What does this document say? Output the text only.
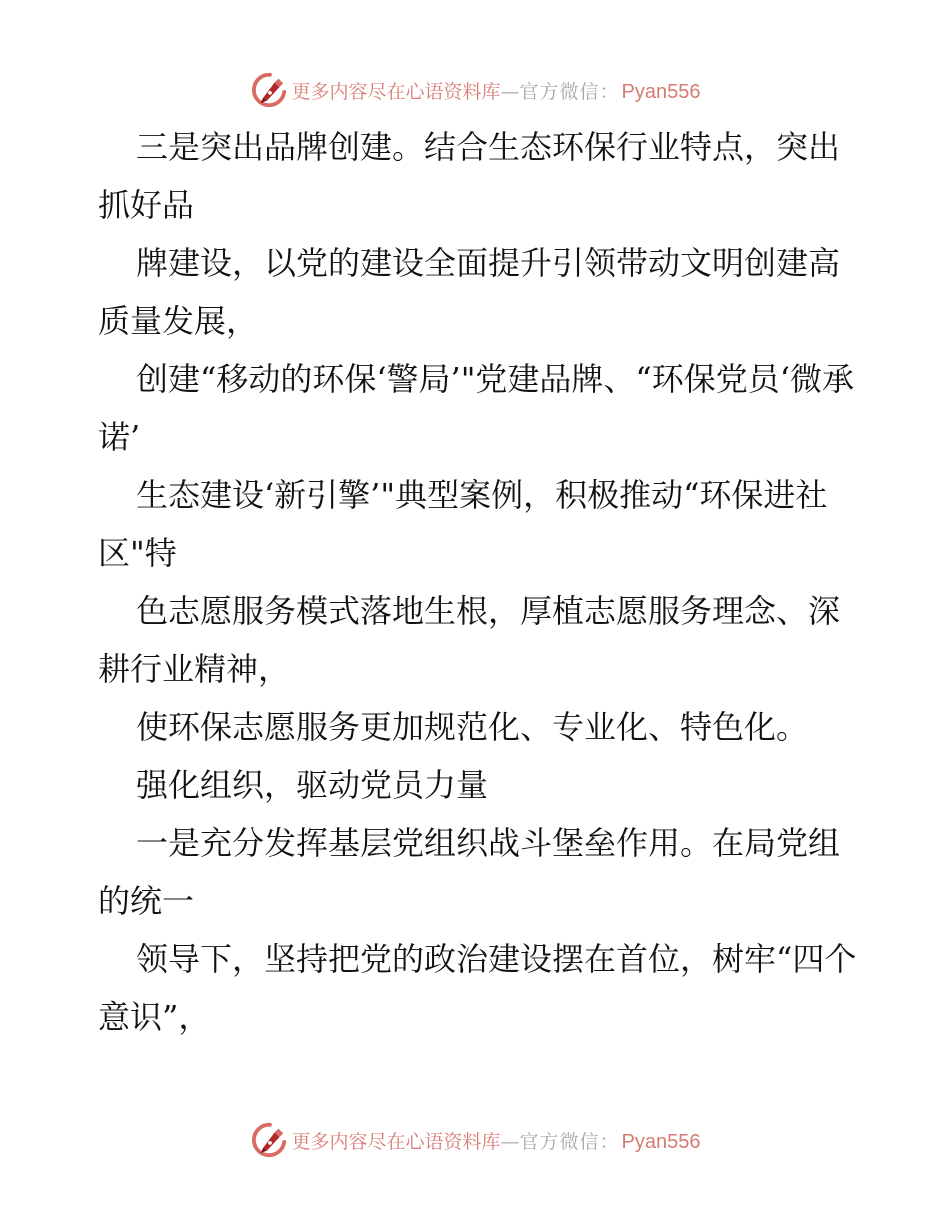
更多内容尽在心语资料库 — 官方微信： Pyan556

三是突出品牌创建。结合生态环保行业特点，突出抓好品

牌建设，以党的建设全面提升引领带动文明创建高质量发展，

创建“移动的环保‘警局’"党建品牌、“环保党员‘微承诺’

生态建设‘新引擎’"典型案例，积极推动“环保进社区"特

色志愿服务模式落地生根，厚植志愿服务理念、深耕行业精神，

使环保志愿服务更加规范化、专业化、特色化。

强化组织，驱动党员力量

一是充分发挥基层党组织战斗堡垒作用。在局党组的统一

领导下，坚持把党的政治建设摆在首位，树牢“四个意识”，

更多内容尽在心语资料库 — 官方微信： Pyan556
